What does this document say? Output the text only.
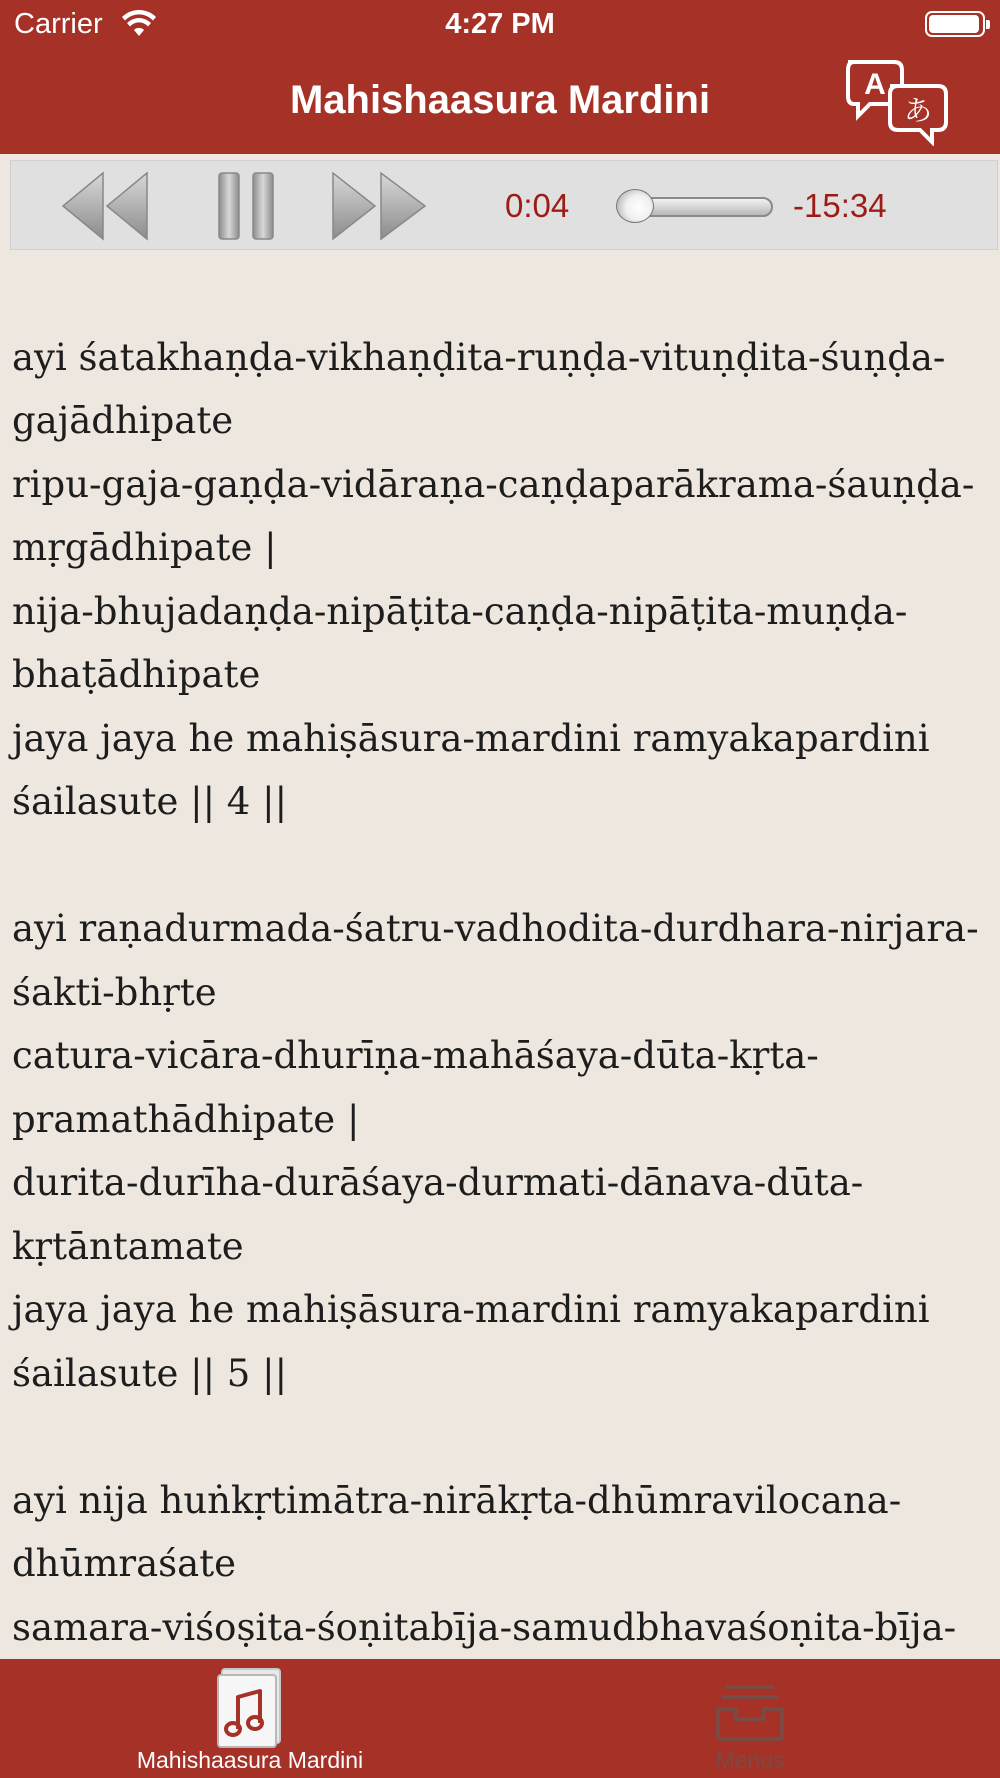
Carrier	4:27 PM
Mahishaasura Mardini	A
あ
0:04	-15:34
ayi śatakhaṇḍa-vikhaṇḍita-ruṇḍa-vituṇḍita-śuṇḍa-
gajādhipate
ripu-gaja-gaṇḍa-vidāraṇa-caṇḍaparākrama-śauṇḍa-
mṛgādhipate |
nija-bhujadaṇḍa-nipāṭita-caṇḍa-nipāṭita-muṇḍa-
bhaṭādhipate
jaya jaya he mahiṣāsura-mardini ramyakapardini
śailasute || 4 ||
ayi raṇadurmada-śatru-vadhodita-durdhara-nirjara-
śakti-bhṛte
catura-vicāra-dhurīṇa-mahāśaya-dūta-kṛta-
pramathādhipate |
durita-durīha-durāśaya-durmati-dānava-dūta-
kṛtāntamate
jaya jaya he mahiṣāsura-mardini ramyakapardini
śailasute || 5 ||
ayi nija huṅkṛtimātra-nirākṛta-dhūmravilocana-
dhūmraśate
samara-viśoṣita-śoṇitabīja-samudbhavaśoṇita-bīja-
Mahishaasura Mardini	Menus
